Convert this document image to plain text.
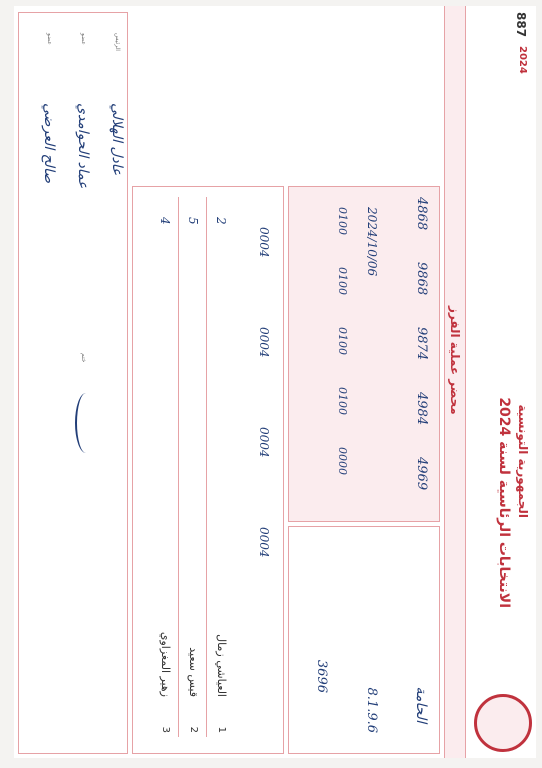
الجمهورية التونسية
الانتخابات الرئاسية لسنة 2024
887
2024
محضر عملية الفرز
الحامة
8.1.9.6
3696
4868
9868
9874
4984
4969
2024/10/06
0100
0100
0100
0100
0000
0004
0004
0004
0004
1
العياشي زمال
2
2
قيس سعيد
5
3
زهير المغزاوي
4
الرئيس
عضو
عضو
عادل الهلالي
عماد الحوامدي
صالح العرضي
ختم
